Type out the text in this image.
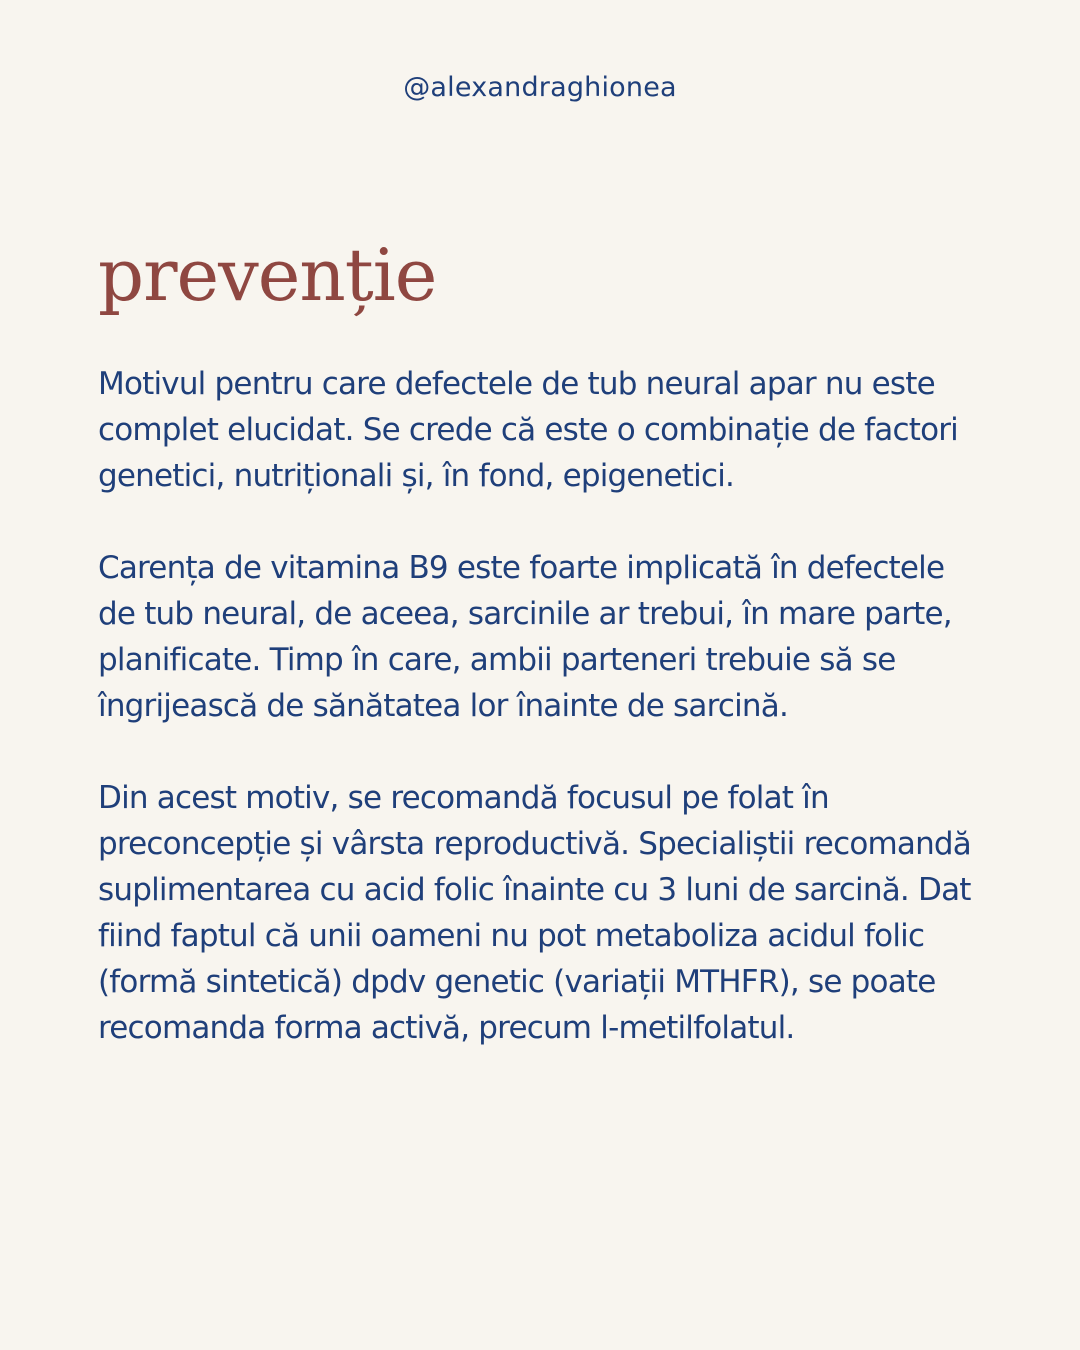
@alexandraghionea

prevenție

Motivul pentru care defectele de tub neural apar nu este complet elucidat. Se crede că este o combinație de factori genetici, nutriționali și, în fond, epigenetici.

Carența de vitamina B9 este foarte implicată în defectele de tub neural, de aceea, sarcinile ar trebui, în mare parte, planificate. Timp în care, ambii parteneri trebuie să se îngrijească de sănătatea lor înainte de sarcină.

Din acest motiv, se recomandă focusul pe folat în preconcepție și vârsta reproductivă. Specialiștii recomandă suplimentarea cu acid folic înainte cu 3 luni de sarcină. Dat fiind faptul că unii oameni nu pot metaboliza acidul folic (formă sintetică) dpdv genetic (variații MTHFR), se poate recomanda forma activă, precum l-metilfolatul.
